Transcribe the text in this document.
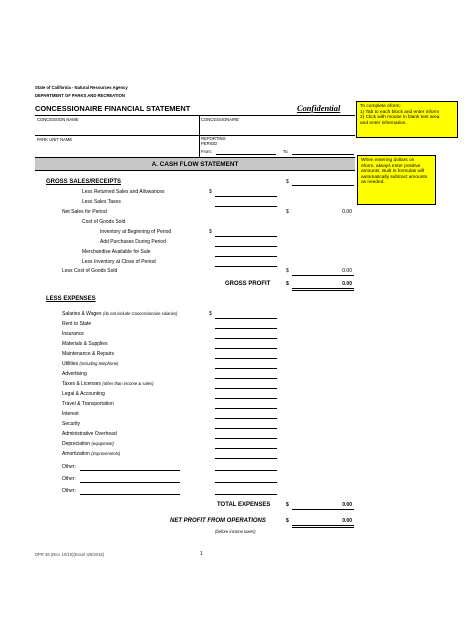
State of California - Natural Resources Agency
DEPARTMENT OF PARKS AND RECREATION
CONCESSIONAIRE FINANCIAL STATEMENT	Confidential
CONCESSION NAME	CONCESSIONAIRE
PARK UNIT NAME	REPORTING PERIOD
From:	To:
A. CASH FLOW STATEMENT
To complete eform:
1) Tab to each block and enter inform
2) Click with mouse in blank text area
and enter information.
When entering dollars on
eform, always enter positive
amounts. Built in formulas will
automatically subtract amounts
as needed.
GROSS SALES/RECEIPTS	$
Less Returned Sales and Allowances	$
Less Sales Taxes
Net Sales for Period	$	0.00
Cost of Goods Sold
Inventory at Beginning of Period	$
Add Purchases During Period
Merchandise Available for Sale
Less Inventory at Close of Period
Less Cost of Goods Sold	$	0.00
GROSS PROFIT	$	0.00
LESS EXPENSES
Salaries & Wages (do not include Concessionaire salaries)	$
Rent to State
Insurance
Materials & Supplies
Maintenance & Repairs
Utilities (including telephone)
Advertising
Taxes & Licenses (other than income & sales)
Legal & Accounting
Travel & Transportation
Interest
Security
Administrative Overhead
Depreciation (equipment)
Amortization (improvements)
Other:
Other:
Other:
TOTAL EXPENSES	$	0.00
NET PROFIT FROM OPERATIONS	$	0.00
(before income taxes)
DPR 36 (Rev. 10/10)(Excel 3/6/2016)	1
